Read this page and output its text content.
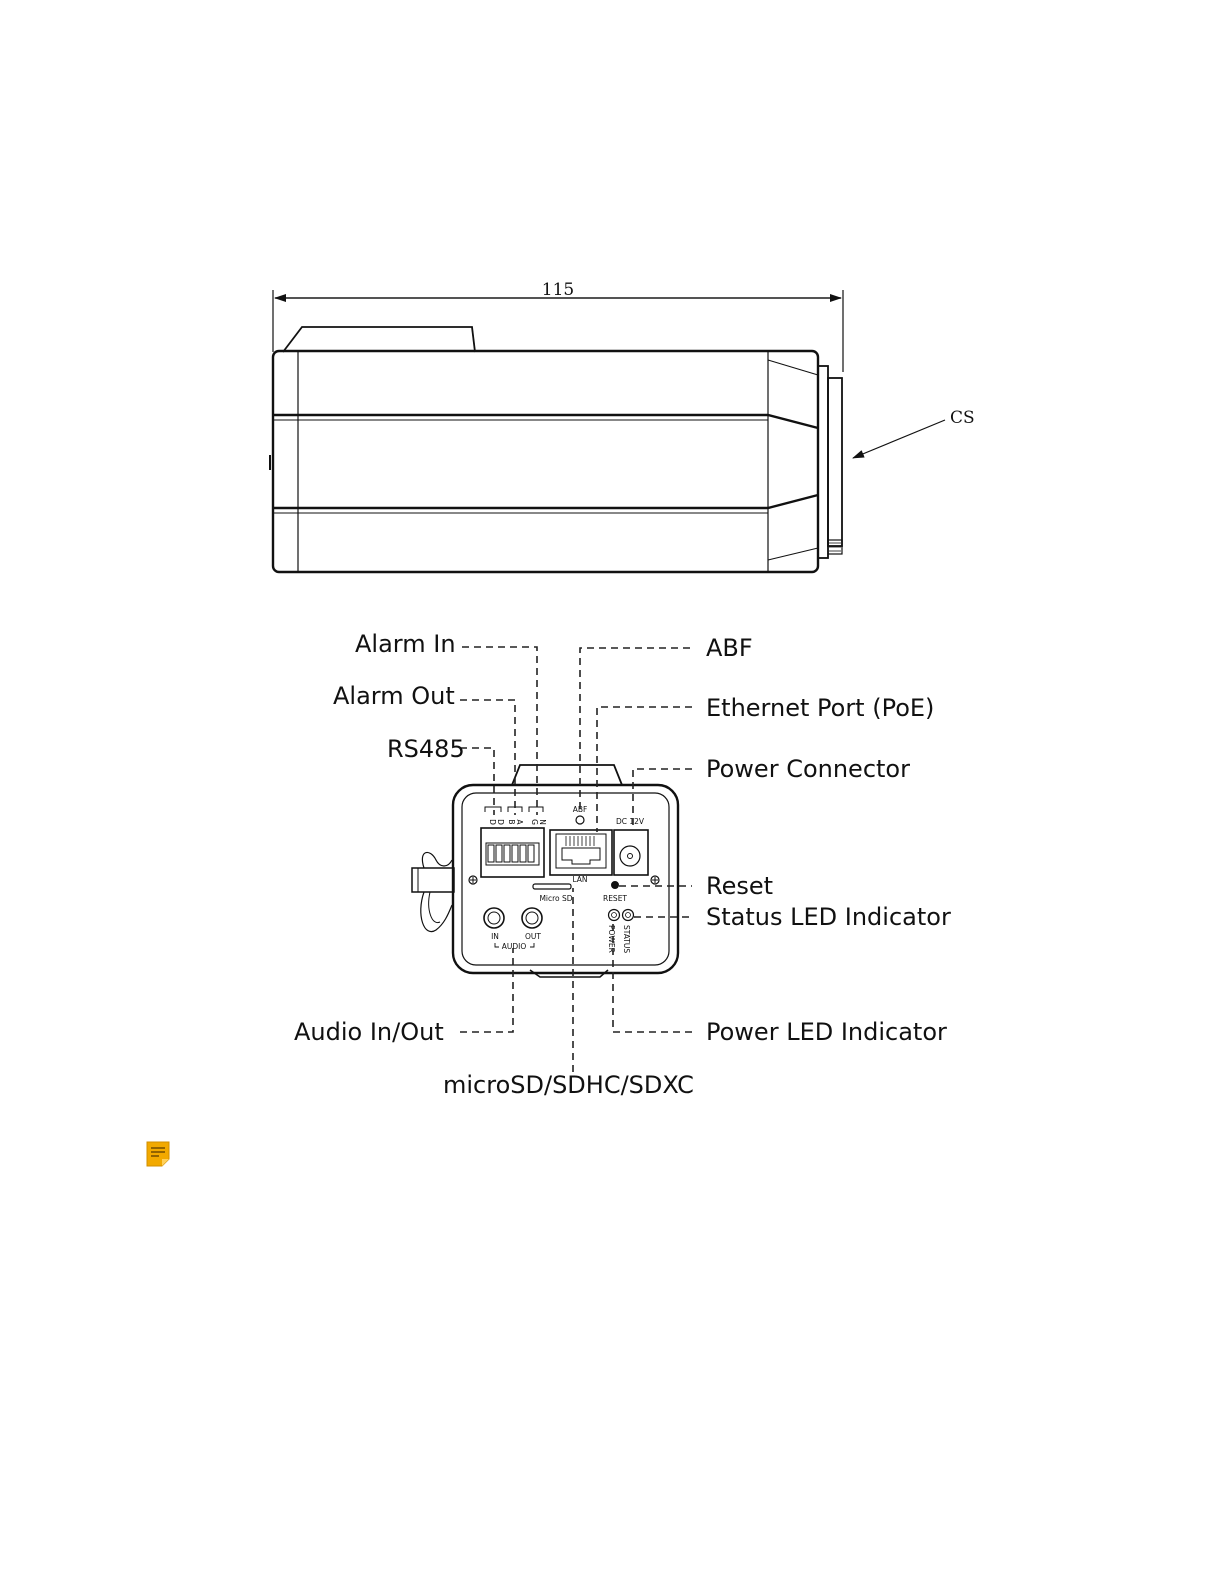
115
CS
D D B A G N
ABF
DC 12V
LAN
Micro SD	RESET
IN	OUT
AUDIO	POWER STATUS
Alarm In
Alarm Out
RS485
ABF
Ethernet Port (PoE)
Power Connector
Reset
Status LED Indicator
Audio In/Out	Power LED Indicator
microSD/SDHC/SDXC
